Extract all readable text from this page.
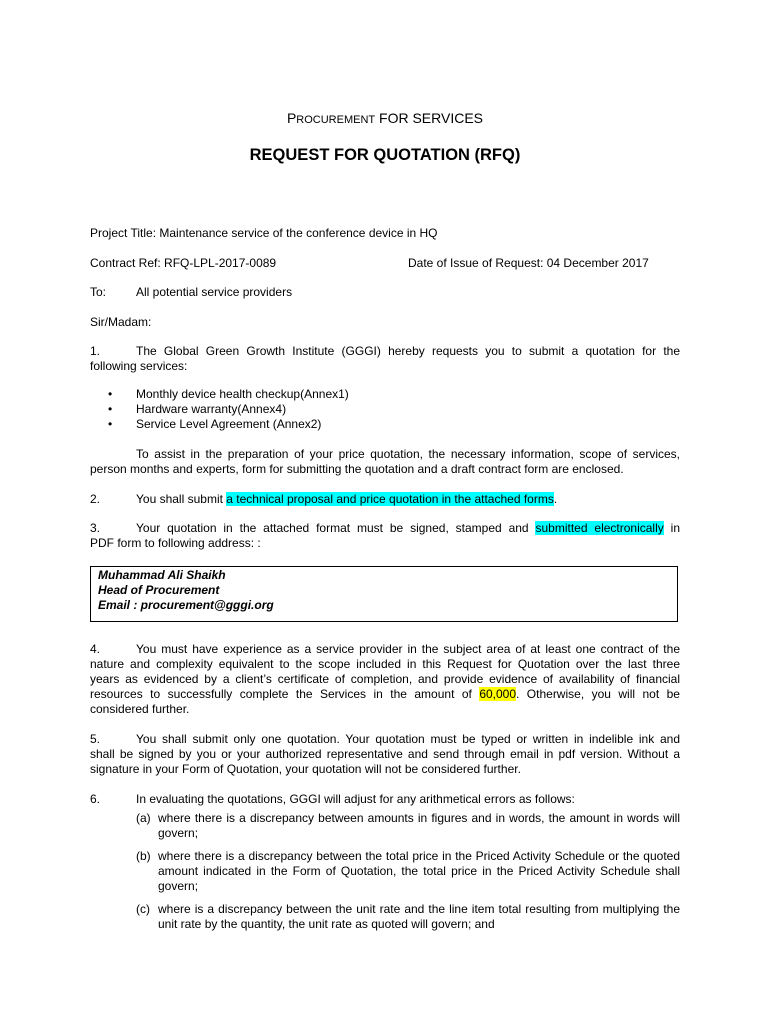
PROCUREMENT FOR SERVICES
REQUEST FOR QUOTATION (RFQ)
Project Title: Maintenance service of the conference device in HQ
Contract Ref: RFQ-LPL-2017-0089	Date of Issue of Request: 04 December 2017
To: All potential service providers
Sir/Madam:
1.	The Global Green Growth Institute (GGGI) hereby requests you to submit a quotation for the
following services:
• Monthly device health checkup(Annex1)
• Hardware warranty(Annex4)
• Service Level Agreement (Annex2)
To assist in the preparation of your price quotation, the necessary information, scope of services,
person months and experts, form for submitting the quotation and a draft contract form are enclosed.
2.	You shall submit a technical proposal and price quotation in the attached forms.
3.	Your quotation in the attached format must be signed, stamped and submitted electronically in
PDF form to following address: :
Muhammad Ali Shaikh
Head of Procurement
Email : procurement@gggi.org
4.	You must have experience as a service provider in the subject area of at least one contract of the
nature and complexity equivalent to the scope included in this Request for Quotation over the last three
years as evidenced by a client’s certificate of completion, and provide evidence of availability of financial
resources to successfully complete the Services in the amount of 60,000. Otherwise, you will not be
considered further.
5.	You shall submit only one quotation. Your quotation must be typed or written in indelible ink and
shall be signed by you or your authorized representative and send through email in pdf version. Without a
signature in your Form of Quotation, your quotation will not be considered further.
6.	In evaluating the quotations, GGGI will adjust for any arithmetical errors as follows:
(a) where there is a discrepancy between amounts in figures and in words, the amount in words will govern;
(b) where there is a discrepancy between the total price in the Priced Activity Schedule or the quoted amount indicated in the Form of Quotation, the total price in the Priced Activity Schedule shall govern;
(c) where is a discrepancy between the unit rate and the line item total resulting from multiplying the unit rate by the quantity, the unit rate as quoted will govern; and
